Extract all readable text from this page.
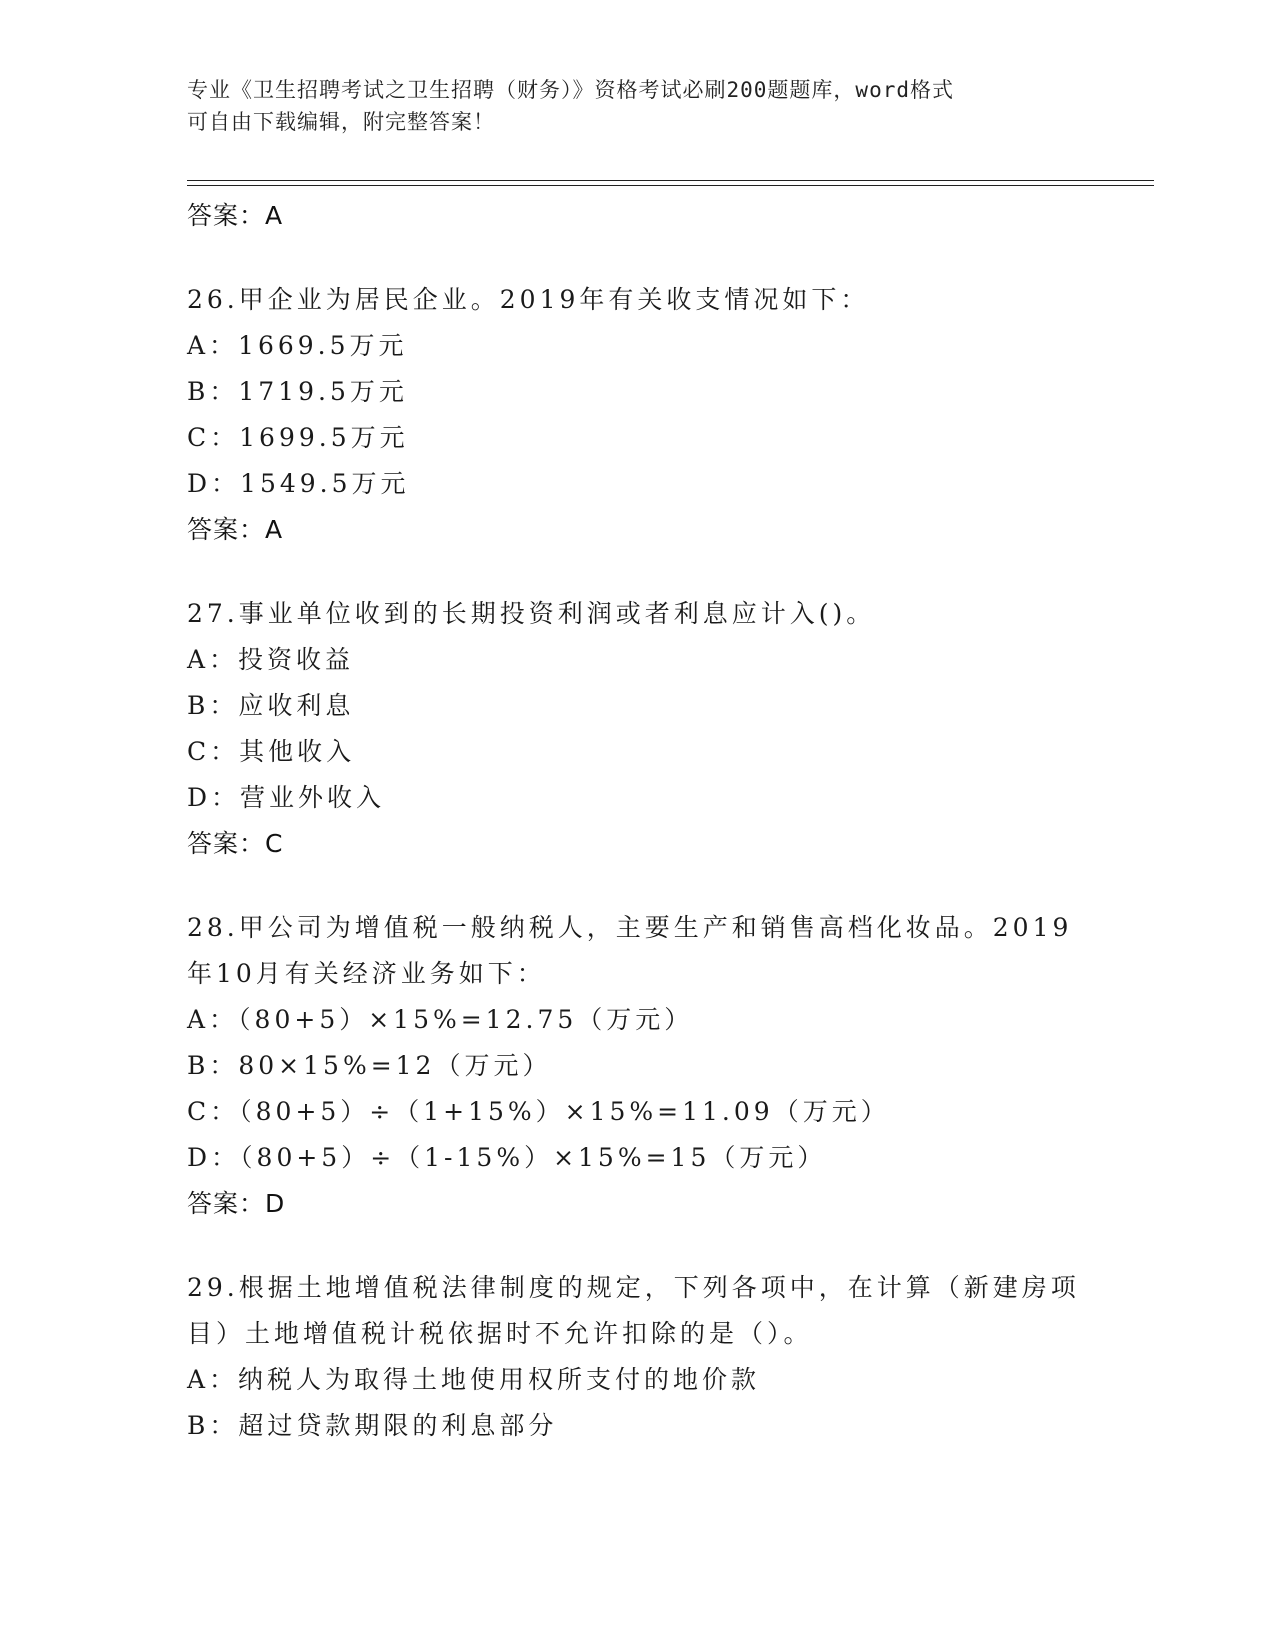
专业《卫生招聘考试之卫生招聘（财务）》资格考试必刷200题题库，word格式
可自由下载编辑，附完整答案！
答案：A
26.甲企业为居民企业。2019年有关收支情况如下：
A：1669.5万元
B：1719.5万元
C：1699.5万元
D：1549.5万元
答案：A
27.事业单位收到的长期投资利润或者利息应计入()。
A：投资收益
B：应收利息
C：其他收入
D：营业外收入
答案：C
28.甲公司为增值税一般纳税人，主要生产和销售高档化妆品。2019
年10月有关经济业务如下：
A：（80+5）×15%=12.75（万元）
B：80×15%=12（万元）
C：（80+5）÷（1+15%）×15%=11.09（万元）
D：（80+5）÷（1-15%）×15%=15（万元）
答案：D
29.根据土地增值税法律制度的规定，下列各项中，在计算（新建房项
目）土地增值税计税依据时不允许扣除的是（）。
A：纳税人为取得土地使用权所支付的地价款
B：超过贷款期限的利息部分
